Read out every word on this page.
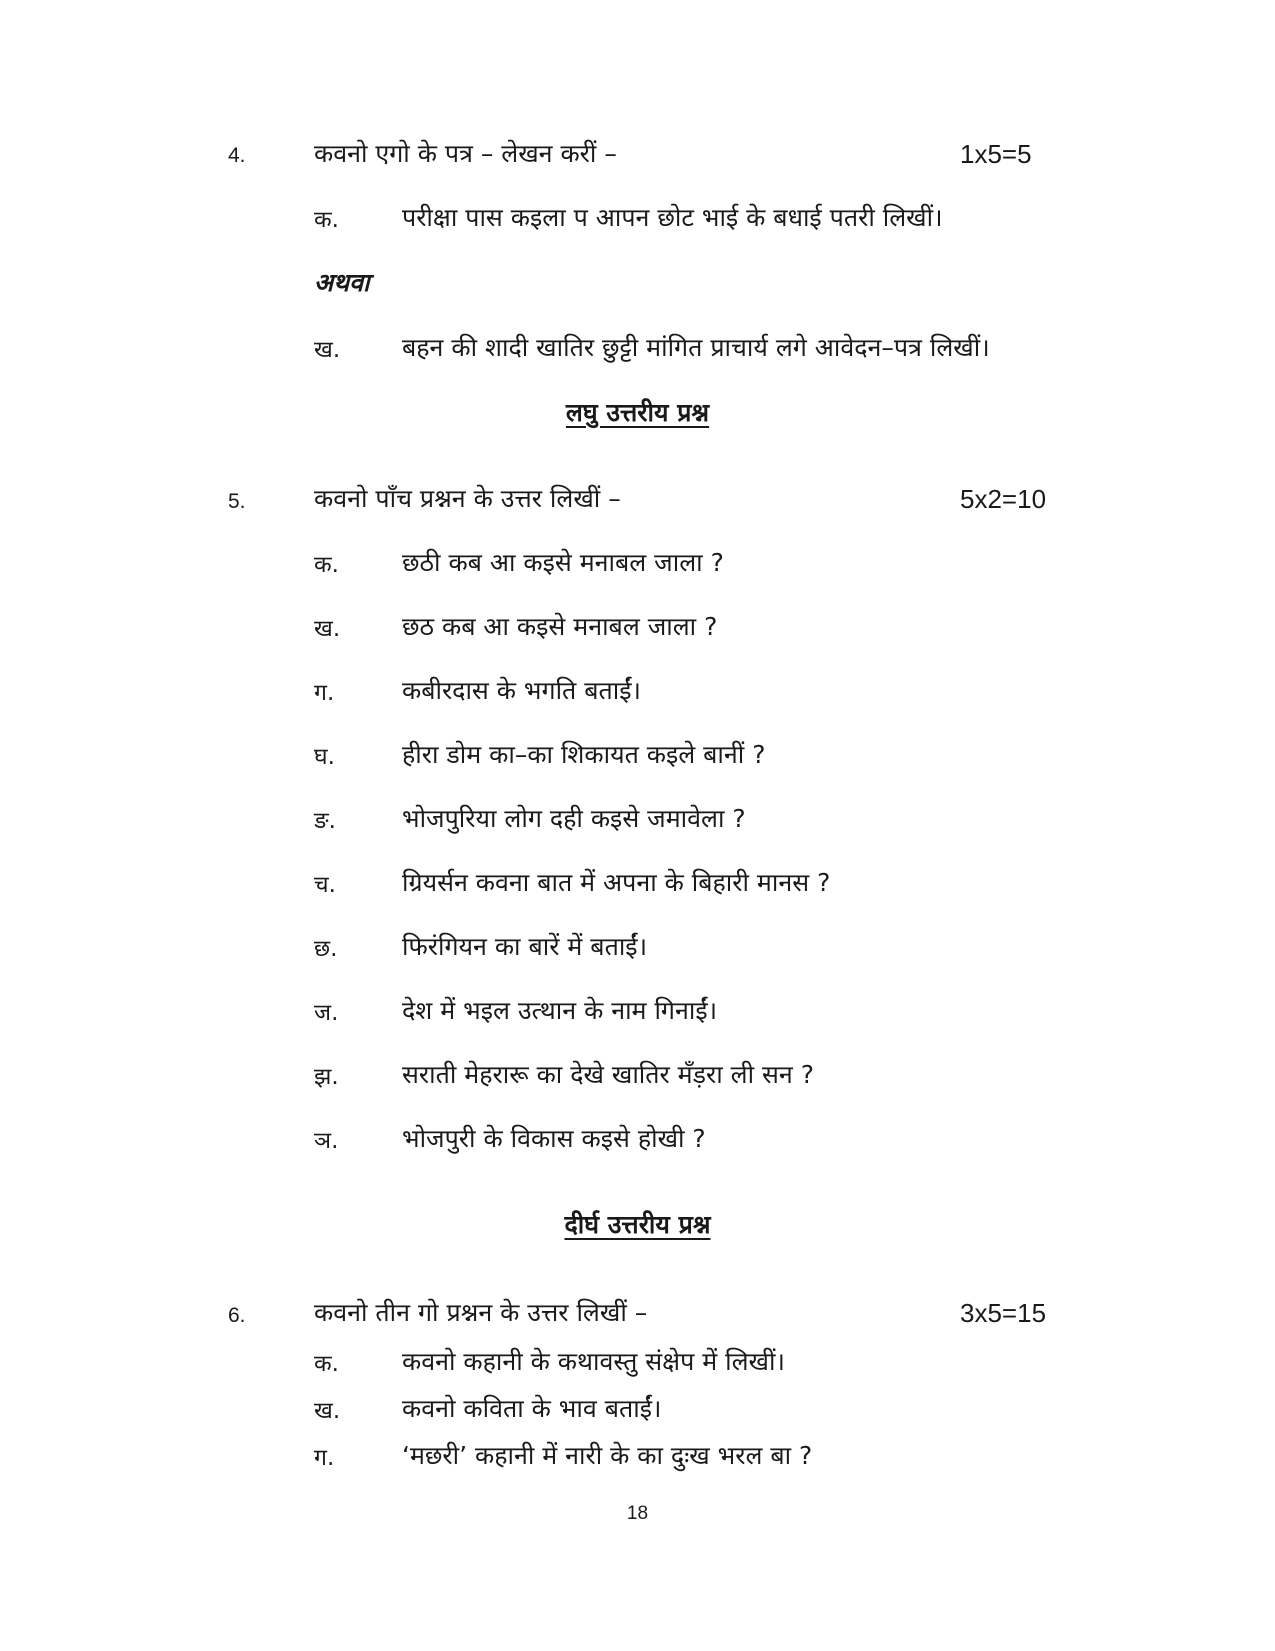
4.	कवनो एगो के पत्र – लेखन करीं –	1x5=5
क.	परीक्षा पास कइला प आपन छोट भाई के बधाई पतरी लिखीं।
अथवा
ख. बहन की शादी खातिर छुट्टी मांगित प्राचार्य लगे आवेदन–पत्र लिखीं।
लघु उत्तरीय प्रश्न
5.	कवनो पाँच प्रश्नन के उत्तर लिखीं –	5x2=10
क.	छठी कब आ कइसे मनाबल जाला ?
ख. छठ कब आ कइसे मनाबल जाला ?
ग.	कबीरदास के भगति बताईं।
घ.	हीरा डोम का–का शिकायत कइले बानीं ?
ङ.	भोजपुरिया लोग दही कइसे जमावेला ?
च.	ग्रियर्सन कवना बात में अपना के बिहारी मानस ?
छ.	फिरंगियन का बारें में बताईं।
ज.	देश में भइल उत्थान के नाम गिनाईं।
झ.	सराती मेहरारू का देखे खातिर मँड़रा ली सन ?
ञ.	भोजपुरी के विकास कइसे होखी ?
दीर्घ उत्तरीय प्रश्न
6.	कवनो तीन गो प्रश्नन के उत्तर लिखीं –	3x5=15
क.	कवनो कहानी के कथावस्तु संक्षेप में लिखीं।
ख. कवनो कविता के भाव बताईं।
ग.	‘मछरी’ कहानी में नारी के का दुःख भरल बा ?
18
